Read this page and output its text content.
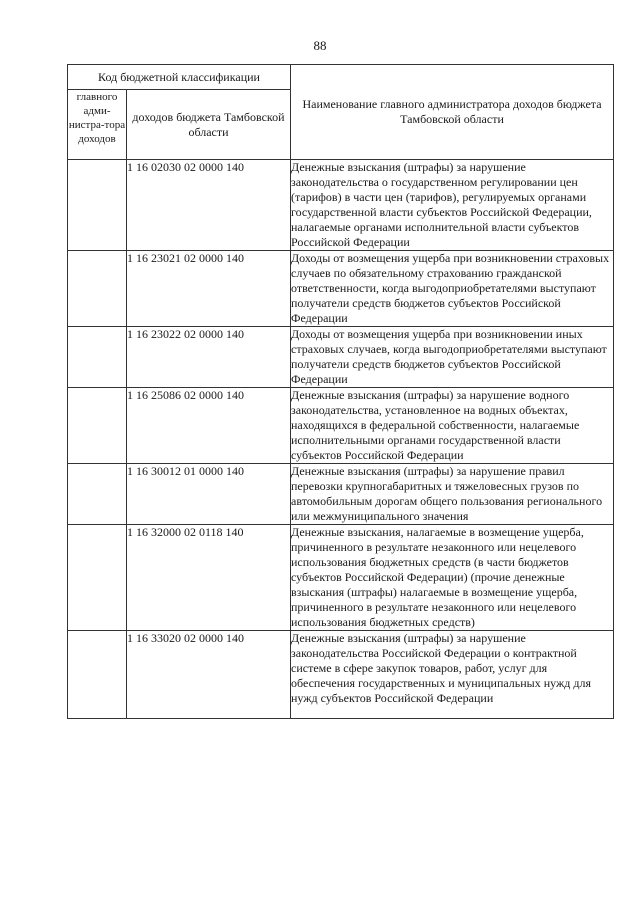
88
Код бюджетной классификации		Наименование главного администратора доходов бюджета Тамбовской области
главного адми-нистра-тора доходов	доходов бюджета Тамбовской области	
	1 16 02030 02 0000 140	Денежные взыскания (штрафы) за нарушение законодательства о государственном регулировании цен (тарифов) в части цен (тарифов), регулируемых органами государственной власти субъектов Российской Федерации, налагаемые органами исполнительной власти субъектов Российской Федерации
	1 16 23021 02 0000 140	Доходы от возмещения ущерба при возникновении страховых случаев по обязательному страхованию гражданской ответственности, когда выгодоприобретателями выступают получатели средств бюджетов субъектов Российской Федерации
	1 16 23022 02 0000 140	Доходы от возмещения ущерба при возникновении иных страховых случаев, когда выгодоприобретателями выступают получатели средств бюджетов субъектов Российской Федерации
	1 16 25086 02 0000 140	Денежные взыскания (штрафы) за нарушение водного законодательства, установленное на водных объектах, находящихся в федеральной собственности, налагаемые исполнительными органами государственной власти субъектов Российской Федерации
	1 16 30012 01 0000 140	Денежные взыскания (штрафы) за нарушение правил перевозки крупногабаритных и тяжеловесных грузов по автомобильным дорогам общего пользования регионального или межмуниципального значения
	1 16 32000 02 0118 140	Денежные взыскания, налагаемые в возмещение ущерба, причиненного в результате незаконного или нецелевого использования бюджетных средств (в части бюджетов субъектов Российской Федерации) (прочие денежные взыскания (штрафы) налагаемые в возмещение ущерба, причиненного в результате незаконного или нецелевого использования бюджетных средств)
	1 16 33020 02 0000 140	Денежные взыскания (штрафы) за нарушение законодательства Российской Федерации о контрактной системе в сфере закупок товаров, работ, услуг для обеспечения государственных и муниципальных нужд для нужд субъектов Российской Федерации
